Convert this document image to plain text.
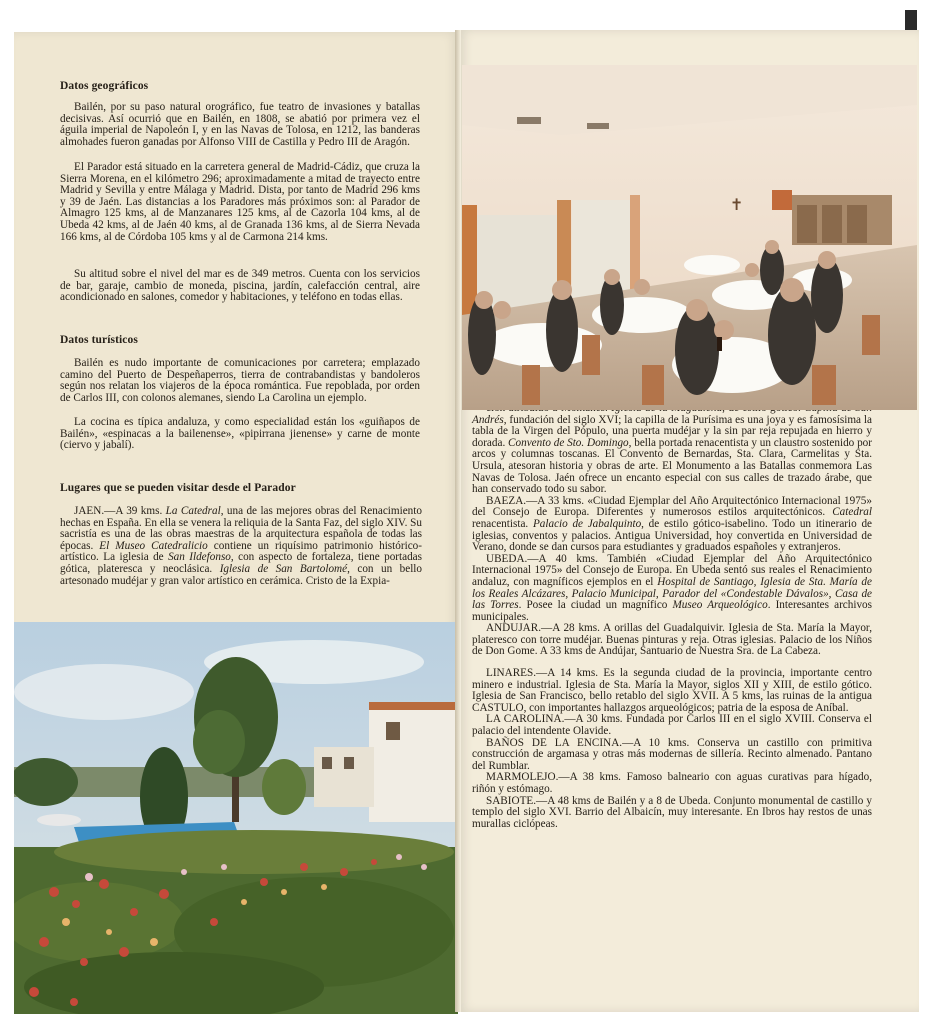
Datos geográficos
Bailén, por su paso natural orográfico, fue teatro de invasiones y batallas decisivas. Así ocurrió que en Bailén, en 1808, se abatió por primera vez el águila imperial de Napoleón I, y en las Navas de Tolosa, en 1212, las banderas almohades fueron ganadas por Alfonso VIII de Castilla y Pedro III de Aragón.
El Parador está situado en la carretera general de Madrid-Cádiz, que cruza la Sierra Morena, en el kilómetro 296; aproximadamente a mitad de trayecto entre Madrid y Sevilla y entre Málaga y Madrid. Dista, por tanto de Madrid 296 kms y 39 de Jaén. Las distancias a los Paradores más próximos son: al Parador de Almagro 125 kms, al de Manzanares 125 kms, al de Cazorla 104 kms, al de Ubeda 42 kms, al de Jaén 40 kms, al de Granada 136 kms, al de Sierra Nevada 166 kms, al de Córdoba 105 kms y al de Carmona 214 kms.
Su altitud sobre el nivel del mar es de 349 metros. Cuenta con los servicios de bar, garaje, cambio de moneda, piscina, jardín, calefacción central, aire acondicionado en salones, comedor y habitaciones, y teléfono en todas ellas.
Datos turísticos
Bailén es nudo importante de comunicaciones por carretera; emplazado camino del Puerto de Despeñaperros, tierra de contrabandistas y bandoleros según nos relatan los viajeros de la época romántica. Fue repoblada, por orden de Carlos III, con colonos alemanes, siendo La Carolina un ejemplo.
La cocina es típica andaluza, y como especialidad están los «guiñapos de Bailén», «espinacas a la bailenense», «pipirrana jienense» y carne de monte (ciervo y jabalí).
Lugares que se pueden visitar desde el Parador
JAEN.—A 39 kms. La Catedral, una de las mejores obras del Renacimiento hechas en España. En ella se venera la reliquia de la Santa Faz, del siglo XIV. Su sacristía es una de las obras maestras de la arquitectura española de todas las épocas. El Museo Catedralicio contiene un riquísimo patrimonio histórico-artístico. La iglesia de San Ildefonso, con aspecto de fortaleza, tiene portadas gótica, plateresca y neoclásica. Iglesia de San Bartolomé, con un bello artesonado mudéjar y gran valor artístico en cerámica. Cristo de la Expia-

Andrés, fundación del siglo XVI; la capilla de la Purísima es una joya y es famosísima la tabla de la Virgen del Pópulo, una puerta mudéjar y la sin par reja repujada en hierro y dorada. Convento de Sto. Domingo, bella portada renacentista y un claustro sostenido por arcos y columnas toscanas. El Convento de Bernardas, Sta. Clara, Carmelitas y Sta. Ursula, atesoran historia y obras de arte. El Monumento a las Batallas conmemora Las Navas de Tolosa. Jaén ofrece un encanto especial con sus calles de trazado árabe, que han conservado todo su sabor.

BAEZA.—A 33 kms. «Ciudad Ejemplar del Año Arquitectónico Internacional 1975» del Consejo de Europa. Diferentes y numerosos estilos arquitectónicos. Catedral renacentista. Palacio de Jabalquinto, de estilo gótico-isabelino. Todo un itinerario de iglesias, conventos y palacios. Antigua Universidad, hoy convertida en Universidad de Verano, donde se dan cursos para estudiantes y graduados españoles y extranjeros.

UBEDA.—A 40 kms. También «Ciudad Ejemplar del Año Arquitectónico Internacional 1975» del Consejo de Europa. En Ubeda sentó sus reales el Renacimiento andaluz, con magníficos ejemplos en el Hospital de Santiago, Iglesia de Sta. María de los Reales Alcázares, Palacio Municipal, Parador del «Condestable Dávalos», Casa de las Torres. Posee la ciudad un magnífico Museo Arqueológico. Interesantes archivos municipales.

ANDUJAR.—A 28 kms. A orillas del Guadalquivir. Iglesia de Sta. María la Mayor, plateresco con torre mudéjar. Buenas pinturas y reja. Otras iglesias. Palacio de los Niños de Don Gome. A 33 kms de Andújar, Santuario de Nuestra Sra. de La Cabeza.

LINARES.—A 14 kms. Es la segunda ciudad de la provincia, importante centro minero e industrial. Iglesia de Sta. María la Mayor, siglos XII y XIII, de estilo gótico. Iglesia de San Francisco, bello retablo del siglo XVII. A 5 kms, las ruinas de la antigua CASTULO, con importantes hallazgos arqueológicos; patria de la esposa de Aníbal.

LA CAROLINA.—A 30 kms. Fundada por Carlos III en el siglo XVIII. Conserva el palacio del intendente Olavide.

BAÑOS DE LA ENCINA.—A 10 kms. Conserva un castillo con primitiva construcción de argamasa y otras más modernas de sillería. Recinto almenado. Pantano del Rumblar.

MARMOLEJO.—A 38 kms. Famoso balneario con aguas curativas para hígado, riñón y estómago.

SABIOTE.—A 48 kms de Bailén y a 8 de Ubeda. Conjunto monumental de castillo y templo del siglo XVI. Barrio del Albaicín, muy interesante. En Ibros hay restos de unas murallas ciclópeas.

✝
